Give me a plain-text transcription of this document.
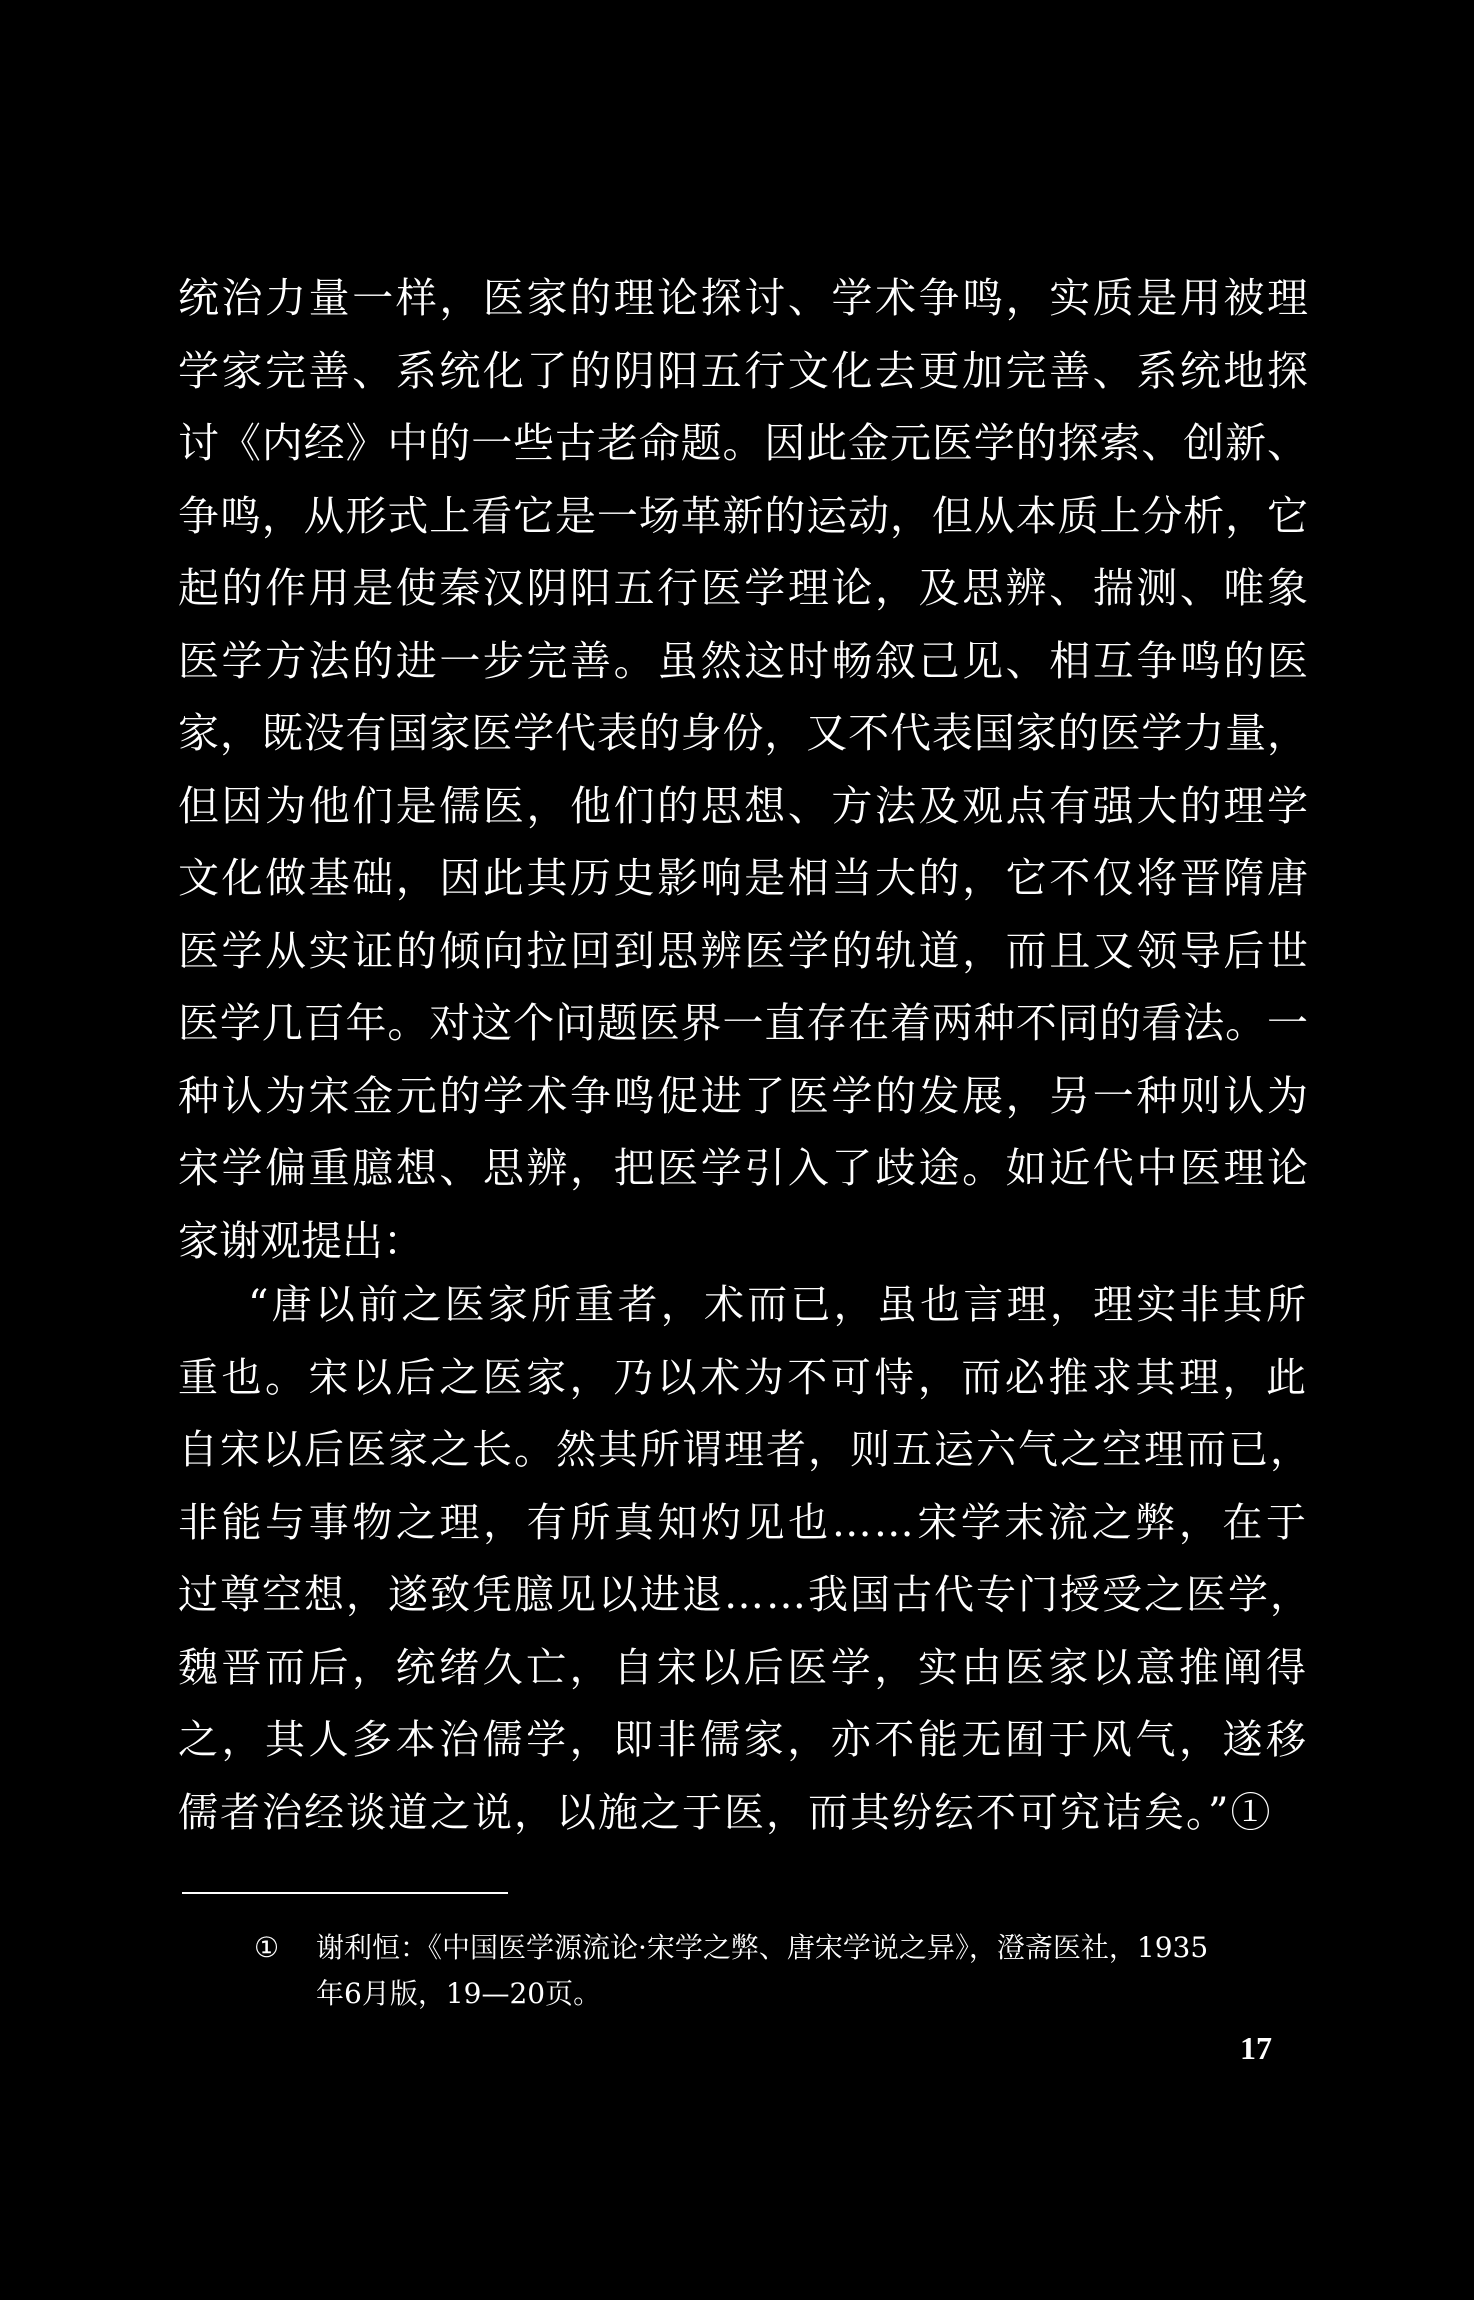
统治力量一样，医家的理论探讨、学术争鸣，实质是用被理
学家完善、系统化了的阴阳五行文化去更加完善、系统地探
讨《内经》中的一些古老命题。因此金元医学的探索、创新、
争鸣，从形式上看它是一场革新的运动，但从本质上分析，它
起的作用是使秦汉阴阳五行医学理论，及思辨、揣测、唯象
医学方法的进一步完善。虽然这时畅叙己见、相互争鸣的医
家，既没有国家医学代表的身份，又不代表国家的医学力量，
但因为他们是儒医，他们的思想、方法及观点有强大的理学
文化做基础，因此其历史影响是相当大的，它不仅将晋隋唐
医学从实证的倾向拉回到思辨医学的轨道，而且又领导后世
医学几百年。对这个问题医界一直存在着两种不同的看法。一
种认为宋金元的学术争鸣促进了医学的发展，另一种则认为
宋学偏重臆想、思辨，把医学引入了歧途。如近代中医理论
家谢观提出：
“唐以前之医家所重者，术而已，虽也言理，理实非其所
重也。宋以后之医家，乃以术为不可恃，而必推求其理，此
自宋以后医家之长。然其所谓理者，则五运六气之空理而已，
非能与事物之理，有所真知灼见也……宋学末流之弊，在于
过尊空想，遂致凭臆见以进退……我国古代专门授受之医学，
魏晋而后，统绪久亡，自宋以后医学，实由医家以意推阐得
之，其人多本治儒学，即非儒家，亦不能无囿于风气，遂移
儒者治经谈道之说，以施之于医，而其纷纭不可究诘矣。”①
①	谢利恒：《中国医学源流论·宋学之弊、唐宋学说之异》，澄斋医社，1935
年6月版，19—20页。
17
